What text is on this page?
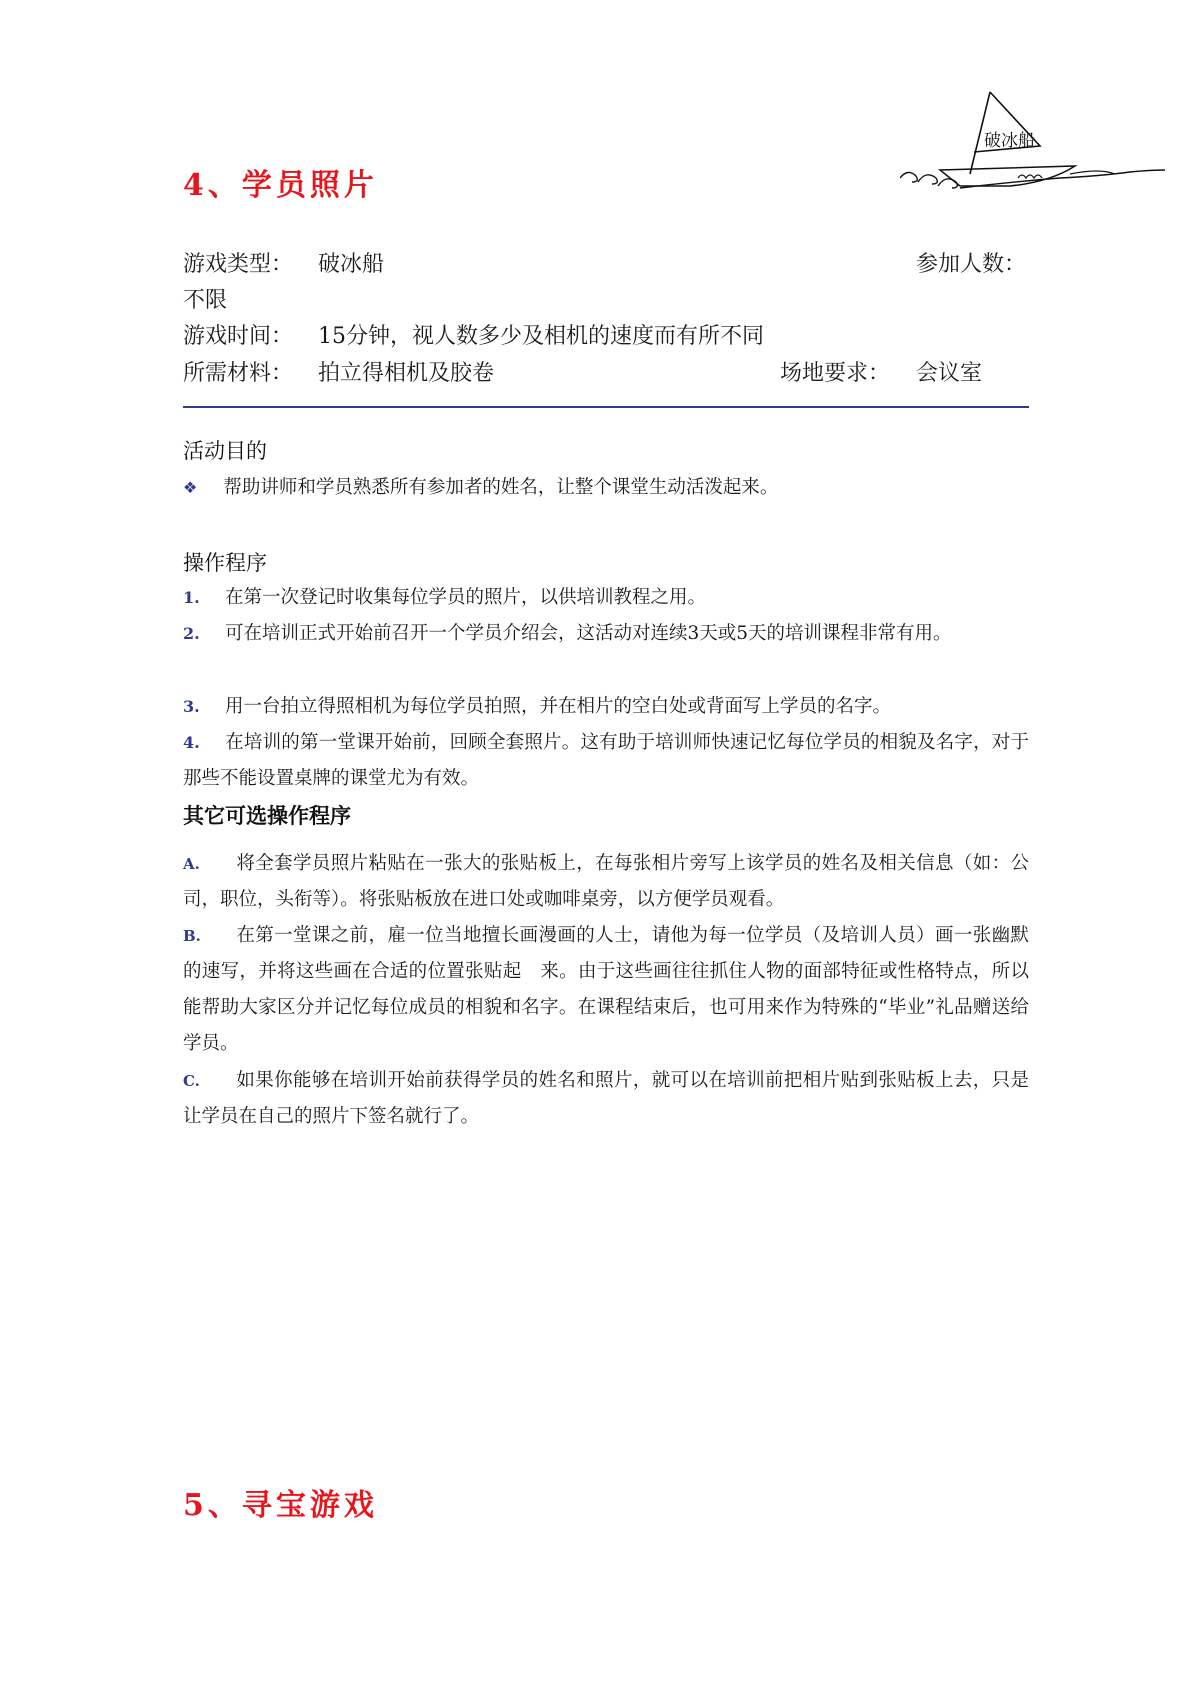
破冰船
4、学员照片
游戏类型： 破冰船	参加人数：
不限
游戏时间： 15分钟，视人数多少及相机的速度而有所不同
所需材料： 拍立得相机及胶卷	场地要求： 会议室
活动目的
❖ 帮助讲师和学员熟悉所有参加者的姓名，让整个课堂生动活泼起来。
操作程序
1. 在第一次登记时收集每位学员的照片，以供培训教程之用。
2. 可在培训正式开始前召开一个学员介绍会，这活动对连续3天或5天的培训课程非常有用。
3. 用一台拍立得照相机为每位学员拍照，并在相片的空白处或背面写上学员的名字。
4. 在培训的第一堂课开始前，回顾全套照片。这有助于培训师快速记忆每位学员的相貌及名字，对于那些不能设置桌牌的课堂尤为有效。
其它可选操作程序
A. 将全套学员照片粘贴在一张大的张贴板上，在每张相片旁写上该学员的姓名及相关信息（如：公司，职位，头衔等）。将张贴板放在进口处或咖啡桌旁，以方便学员观看。
B. 在第一堂课之前，雇一位当地擅长画漫画的人士，请他为每一位学员（及培训人员）画一张幽默的速写，并将这些画在合适的位置张贴起　来。由于这些画往往抓住人物的面部特征或性格特点，所以能帮助大家区分并记忆每位成员的相貌和名字。在课程结束后，也可用来作为特殊的“毕业”礼品赠送给学员。
C. 如果你能够在培训开始前获得学员的姓名和照片，就可以在培训前把相片贴到张贴板上去，只是让学员在自己的照片下签名就行了。
5、寻宝游戏
